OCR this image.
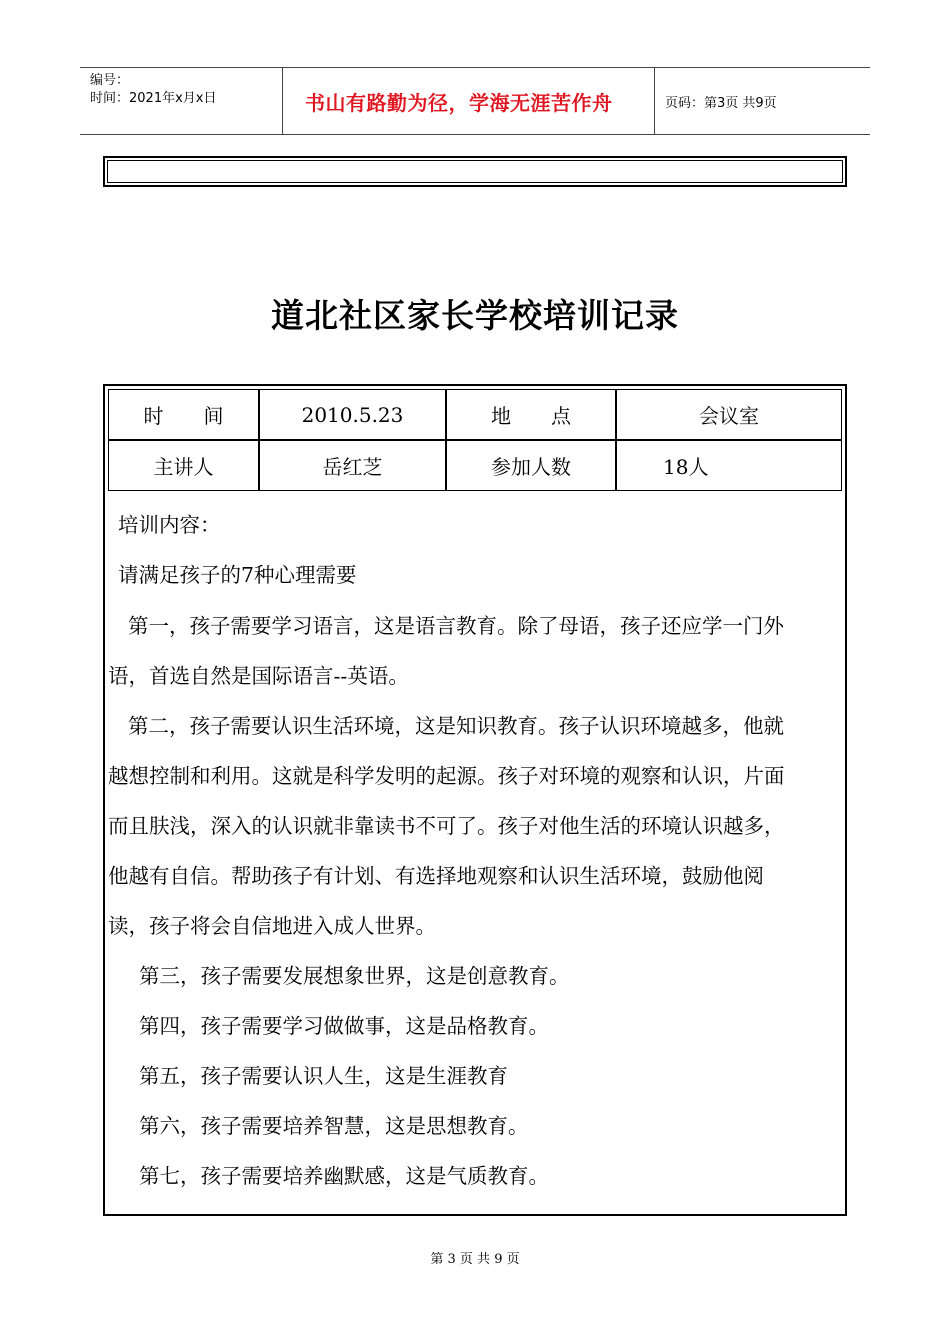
编号：
时间：2021年x月x日	书山有路勤为径，学海无涯苦作舟	页码：第3页 共9页
道北社区家长学校培训记录
时　　间	2010.5.23	地　　点	会议室
主讲人	岳红芝	参加人数	18人
培训内容：
请满足孩子的7种心理需要
第一，孩子需要学习语言，这是语言教育。除了母语，孩子还应学一门外
语，首选自然是国际语言--英语。
第二，孩子需要认识生活环境，这是知识教育。孩子认识环境越多，他就
越想控制和利用。这就是科学发明的起源。孩子对环境的观察和认识，片面
而且肤浅，深入的认识就非靠读书不可了。孩子对他生活的环境认识越多，
他越有自信。帮助孩子有计划、有选择地观察和认识生活环境，鼓励他阅
读，孩子将会自信地进入成人世界。
第三，孩子需要发展想象世界，这是创意教育。
第四，孩子需要学习做做事，这是品格教育。
第五，孩子需要认识人生，这是生涯教育
第六，孩子需要培养智慧，这是思想教育。
第七，孩子需要培养幽默感，这是气质教育。
第 3 页 共 9 页
